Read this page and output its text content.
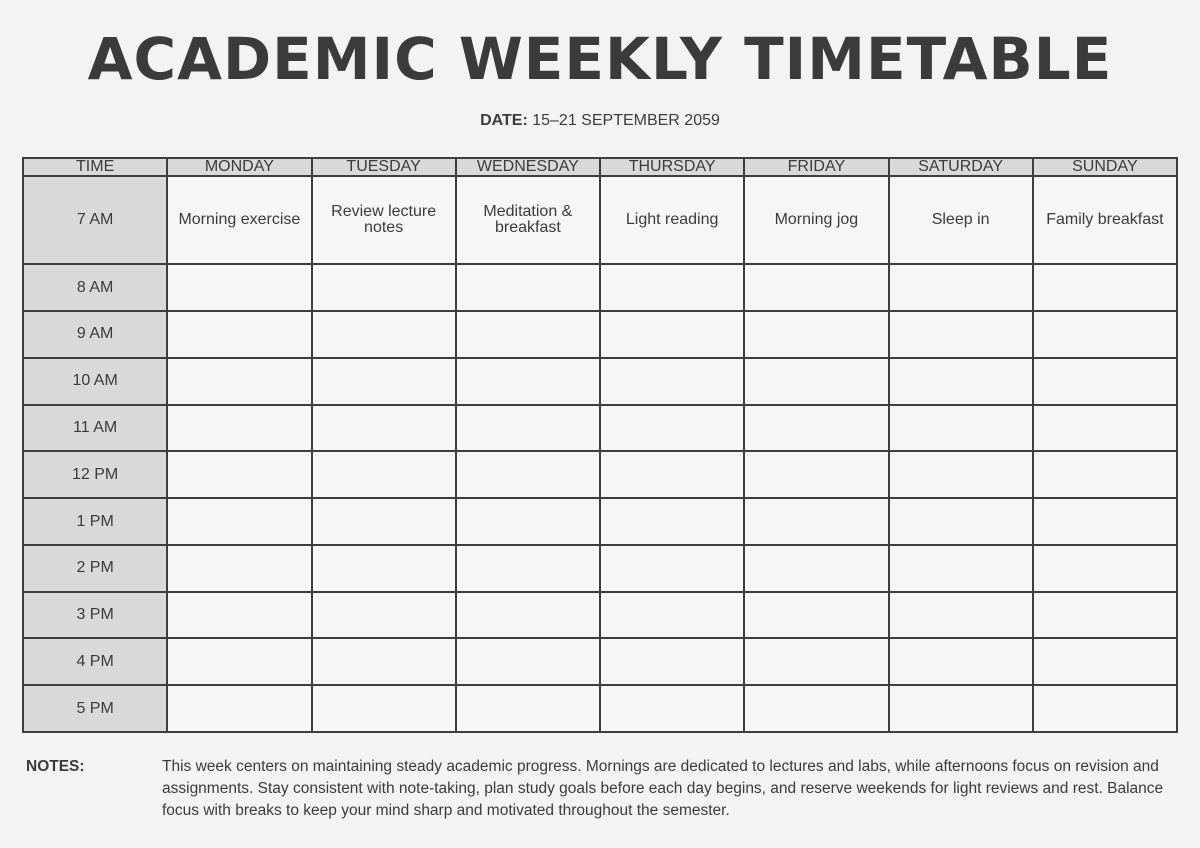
ACADEMIC WEEKLY TIMETABLE
DATE: 15–21 SEPTEMBER 2059
TIME	MONDAY	TUESDAY	WEDNESDAY	THURSDAY	FRIDAY	SATURDAY	SUNDAY
7 AM	Morning exercise	Review lecture notes	Meditation & breakfast	Light reading	Morning jog	Sleep in	Family breakfast
8 AM							
9 AM							
10 AM							
11 AM							
12 PM							
1 PM							
2 PM							
3 PM							
4 PM							
5 PM							
NOTES:	This week centers on maintaining steady academic progress. Mornings are dedicated to lectures and labs, while afternoons focus on revision and assignments. Stay consistent with note-taking, plan study goals before each day begins, and reserve weekends for light reviews and rest. Balance focus with breaks to keep your mind sharp and motivated throughout the semester.
